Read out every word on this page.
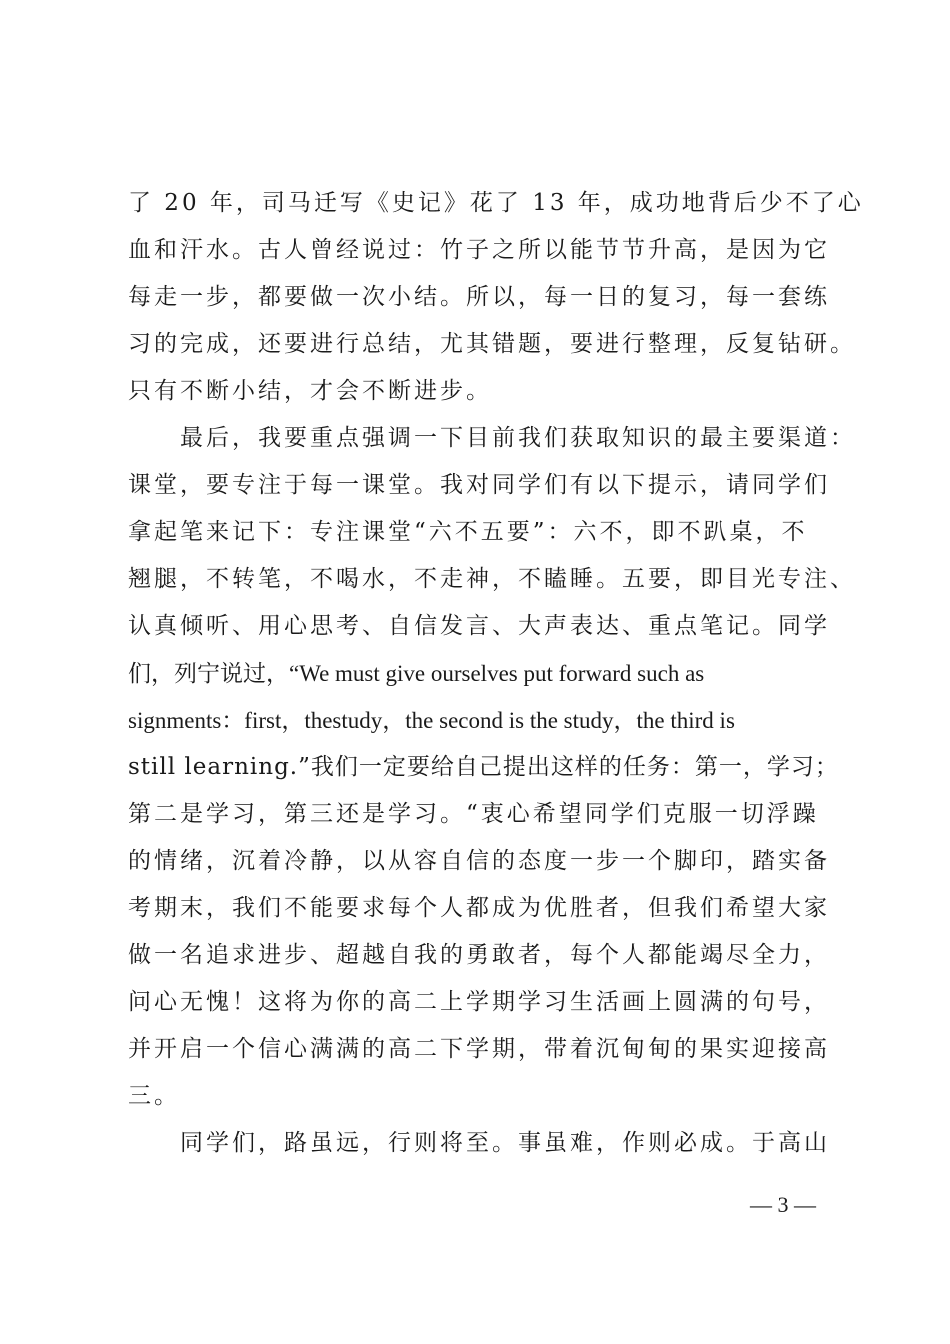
了 20 年，司马迁写《史记》花了 13 年，成功地背后少不了心
血和汗水。古人曾经说过：竹子之所以能节节升高，是因为它
每走一步，都要做一次小结。所以，每一日的复习，每一套练
习的完成，还要进行总结，尤其错题，要进行整理，反复钻研。
只有不断小结，才会不断进步。
　　最后，我要重点强调一下目前我们获取知识的最主要渠道：
课堂，要专注于每一课堂。我对同学们有以下提示，请同学们
拿起笔来记下：专注课堂“六不五要”：六不，即不趴桌，不
翘腿，不转笔，不喝水，不走神，不瞌睡。五要，即目光专注、
认真倾听、用心思考、自信发言、大声表达、重点笔记。同学
们，列宁说过，“We must give ourselves put forward such as
signments：first，thestudy，the second is the study，the third is
still learning.”我们一定要给自己提出这样的任务：第一，学习；
第二是学习，第三还是学习。“衷心希望同学们克服一切浮躁
的情绪，沉着冷静，以从容自信的态度一步一个脚印，踏实备
考期末，我们不能要求每个人都成为优胜者，但我们希望大家
做一名追求进步、超越自我的勇敢者，每个人都能竭尽全力，
问心无愧！这将为你的高二上学期学习生活画上圆满的句号，
并开启一个信心满满的高二下学期，带着沉甸甸的果实迎接高
三。
　　同学们，路虽远，行则将至。事虽难，作则必成。于高山
— 3 —
